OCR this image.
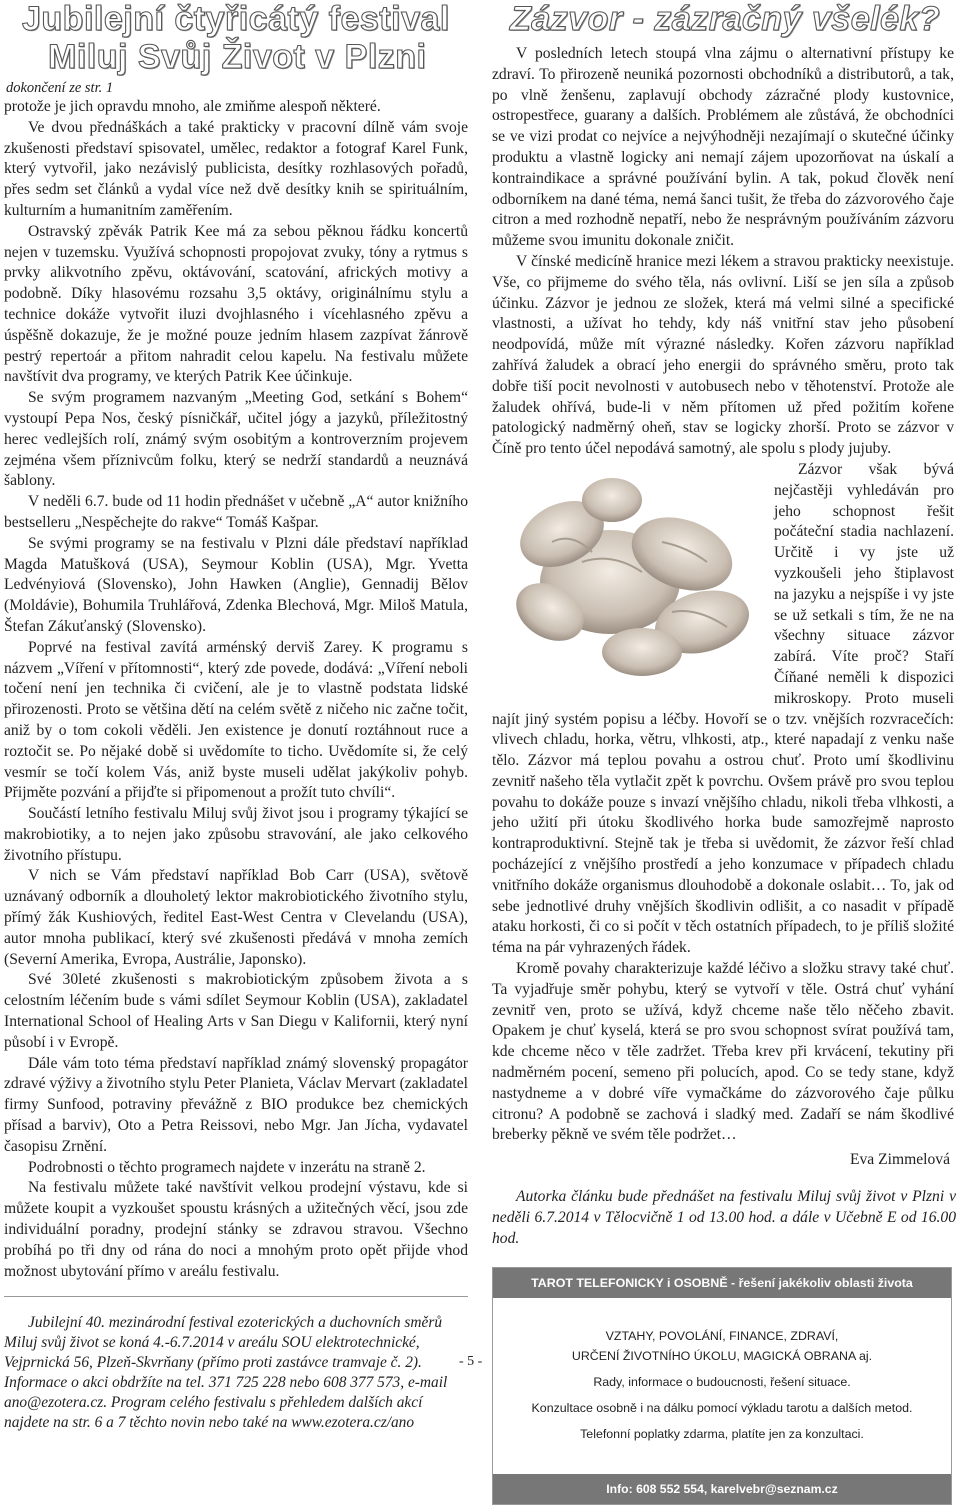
Jubilejní čtyřicátý festival
Miluj Svůj Život v Plzni
dokončení ze str. 1

protože je jich opravdu mnoho, ale zmiňme alespoň některé.

Ve dvou přednáškách a také prakticky v pracovní dílně vám svoje zkušenosti představí spisovatel, umělec, redaktor a fotograf Karel Funk, který vytvořil, jako nezávislý publicista, desítky rozhlasových pořadů, přes sedm set článků a vydal více než dvě desítky knih se spirituálním, kulturním a humanitním zaměřením.

Ostravský zpěvák Patrik Kee má za sebou pěknou řádku koncertů nejen v tuzemsku. Využívá schopnosti propojovat zvuky, tóny a rytmus s prvky alikvotního zpěvu, oktávování, scatování, afrických motivy a podobně. Díky hlasovému rozsahu 3,5 oktávy, originálnímu stylu a technice dokáže vytvořit iluzi dvojhlasného i vícehlasného zpěvu a úspěšně dokazuje, že je možné pouze jedním hlasem zazpívat žánrově pestrý repertoár a přitom nahradit celou kapelu. Na festivalu můžete navštívit dva programy, ve kterých Patrik Kee účinkuje.

Se svým programem nazvaným „Meeting God, setkání s Bohem“ vystoupí Pepa Nos, český písničkář, učitel jógy a jazyků, příležitostný herec vedlejších rolí, známý svým osobitým a kontroverzním projevem zejména všem příznivcům folku, který se nedrží standardů a neuznává šablony.

V neděli 6.7. bude od 11 hodin přednášet v učebně „A“ autor knižního bestselleru „Nespěchejte do rakve“ Tomáš Kašpar.

Se svými programy se na festivalu v Plzni dále představí například Magda Matušková (USA), Seymour Koblin (USA), Mgr. Yvetta Ledvényiová (Slovensko), John Hawken (Anglie), Gennadij Bělov (Moldávie), Bohumila Truhlářová, Zdenka Blechová, Mgr. Miloš Matula, Štefan Zákuťanský (Slovensko).

Poprvé na festival zavítá arménský derviš Zarey. K programu s názvem „Víření v přítomnosti“, který zde povede, dodává: „Víření neboli točení není jen technika či cvičení, ale je to vlastně podstata lidské přirozenosti. Proto se většina dětí na celém světě z ničeho nic začne točit, aniž by o tom cokoli věděli. Jen existence je donutí roztáhnout ruce a roztočit se. Po nějaké době si uvědomíte to ticho. Uvědomíte si, že celý vesmír se točí kolem Vás, aniž byste museli udělat jakýkoliv pohyb. Přijměte pozvání a přijďte si připomenout a prožít tuto chvíli“.

Součástí letního festivalu Miluj svůj život jsou i programy týkající se makrobiotiky, a to nejen jako způsobu stravování, ale jako celkového životního přístupu.

V nich se Vám představí například Bob Carr (USA), světově uznávaný odborník a dlouholetý lektor makrobiotického životního stylu, přímý žák Kushiových, ředitel East-West Centra v Clevelandu (USA), autor mnoha publikací, který své zkušenosti předává v mnoha zemích (Severní Amerika, Evropa, Austrálie, Japonsko).

Své 30leté zkušenosti s makrobiotickým způsobem života a s celostním léčením bude s vámi sdílet Seymour Koblin (USA), zakladatel International School of Healing Arts v San Diegu v Kalifornii, který nyní působí i v Evropě.

Dále vám toto téma představí například známý slovenský propagátor zdravé výživy a životního stylu Peter Planieta, Václav Mervart (zakladatel firmy Sunfood, potraviny převážně z BIO produkce bez chemických přísad a barviv), Oto a Petra Reissovi, nebo Mgr. Jan Jícha, vydavatel časopisu Zrnění.

Podrobnosti o těchto programech najdete v inzerátu na straně 2.

Na festivalu můžete také navštívit velkou prodejní výstavu, kde si můžete koupit a vyzkoušet spoustu krásných a užitečných věcí, jsou zde individuální poradny, prodejní stánky se zdravou stravou. Všechno probíhá po tři dny od rána do noci a mnohým proto opět přijde vhod možnost ubytování přímo v areálu festivalu.

Jubilejní 40. mezinárodní festival ezoterických a duchovních směrů Miluj svůj život se koná 4.-6.7.2014 v areálu SOU elektrotechnické, Vejprnická 56, Plzeň-Skvrňany (přímo proti zastávce tramvaje č. 2). Informace o akci obdržíte na tel. 371 725 228 nebo 608 377 573, e-mail ano@ezotera.cz. Program celého festivalu s přehledem dalších akcí najdete na str. 6 a 7 těchto novin nebo také na www.ezotera.cz/ano

Zázvor - zázračný všelék?

V posledních letech stoupá vlna zájmu o alternativní přístupy ke zdraví. To přirozeně neuniká pozornosti obchodníků a distributorů, a tak, po vlně ženšenu, zaplavují obchody zázračné plody kustovnice, ostropestřece, guarany a dalších. Problémem ale zůstává, že obchodníci se ve vizi prodat co nejvíce a nejvýhodněji nezajímají o skutečné účinky produktu a vlastně logicky ani nemají zájem upozorňovat na úskalí a kontraindikace a správné používání bylin. A tak, pokud člověk není odborníkem na dané téma, nemá šanci tušit, že třeba do zázvorového čaje citron a med rozhodně nepatří, nebo že nesprávným používáním zázvoru můžeme svou imunitu dokonale zničit.

V čínské medicíně hranice mezi lékem a stravou prakticky neexistuje. Vše, co přijmeme do svého těla, nás ovlivní. Liší se jen síla a způsob účinku. Zázvor je jednou ze složek, která má velmi silné a specifické vlastnosti, a užívat ho tehdy, kdy náš vnitřní stav jeho působení neodpovídá, může mít výrazné následky. Kořen zázvoru například zahřívá žaludek a obrací jeho energii do správného směru, proto tak dobře tiší pocit nevolnosti v autobusech nebo v těhotenství. Protože ale žaludek ohřívá, bude-li v něm přítomen už před požitím kořene patologický nadměrný oheň, stav se logicky zhorší. Proto se zázvor v Číně pro tento účel nepodává samotný, ale spolu s plody jujuby.

Zázvor však bývá nejčastěji vyhledáván pro jeho schopnost řešit počáteční stadia nachlazení. Určitě i vy jste už vyzkoušeli jeho štiplavost na jazyku a nejspíše i vy jste se už setkali s tím, že ne na všechny situace zázvor zabírá. Víte proč? Staří Číňané neměli k dispozici mikroskopy. Proto museli najít jiný systém popisu a léčby. Hovoří se o tzv. vnějších rozvracečích: vlivech chladu, horka, větru, vlhkosti, atp., které napadají z venku naše tělo. Zázvor má teplou povahu a ostrou chuť. Proto umí škodlivinu zevnitř našeho těla vytlačit zpět k povrchu. Ovšem právě pro svou teplou povahu to dokáže pouze s invazí vnějšího chladu, nikoli třeba vlhkosti, a jeho užití při útoku škodlivého horka bude samozřejmě naprosto kontraproduktivní. Stejně tak je třeba si uvědomit, že zázvor řeší chlad pocházející z vnějšího prostředí a jeho konzumace v případech chladu vnitřního dokáže organismus dlouhodobě a dokonale oslabit… To, jak od sebe jednotlivé druhy vnějších škodlivin odlišit, a co nasadit v případě ataku horkosti, či co si počít v těch ostatních případech, to je příliš složité téma na pár vyhrazených řádek.

Kromě povahy charakterizuje každé léčivo a složku stravy také chuť. Ta vyjadřuje směr pohybu, který se vytvoří v těle. Ostrá chuť vyhání zevnitř ven, proto se užívá, když chceme naše tělo něčeho zbavit. Opakem je chuť kyselá, která se pro svou schopnost svírat používá tam, kde chceme něco v těle zadržet. Třeba krev při krvácení, tekutiny při nadměrném pocení, semeno při polucích, apod. Co se tedy stane, když nastydneme a v dobré víře vymačkáme do zázvorového čaje půlku citronu? A podobně se zachová i sladký med. Zadaří se nám škodlivé breberky pěkně ve svém těle podržet…

Eva Zimmelová

Autorka článku bude přednášet na festivalu Miluj svůj život v Plzni v neděli 6.7.2014 v Tělocvičně 1 od 13.00 hod. a dále v Učebně E od 16.00 hod.

TAROT TELEFONICKY i OSOBNĚ - řešení jakékoliv oblasti života
VZTAHY, POVOLÁNÍ, FINANCE, ZDRAVÍ,
URČENÍ ŽIVOTNÍHO ÚKOLU, MAGICKÁ OBRANA aj.
Rady, informace o budoucnosti, řešení situace.
Konzultace osobně i na dálku pomocí výkladu tarotu a dalších metod.
Telefonní poplatky zdarma, platíte jen za konzultaci.
Info: 608 552 554, karelvebr@seznam.cz
- 5 -
